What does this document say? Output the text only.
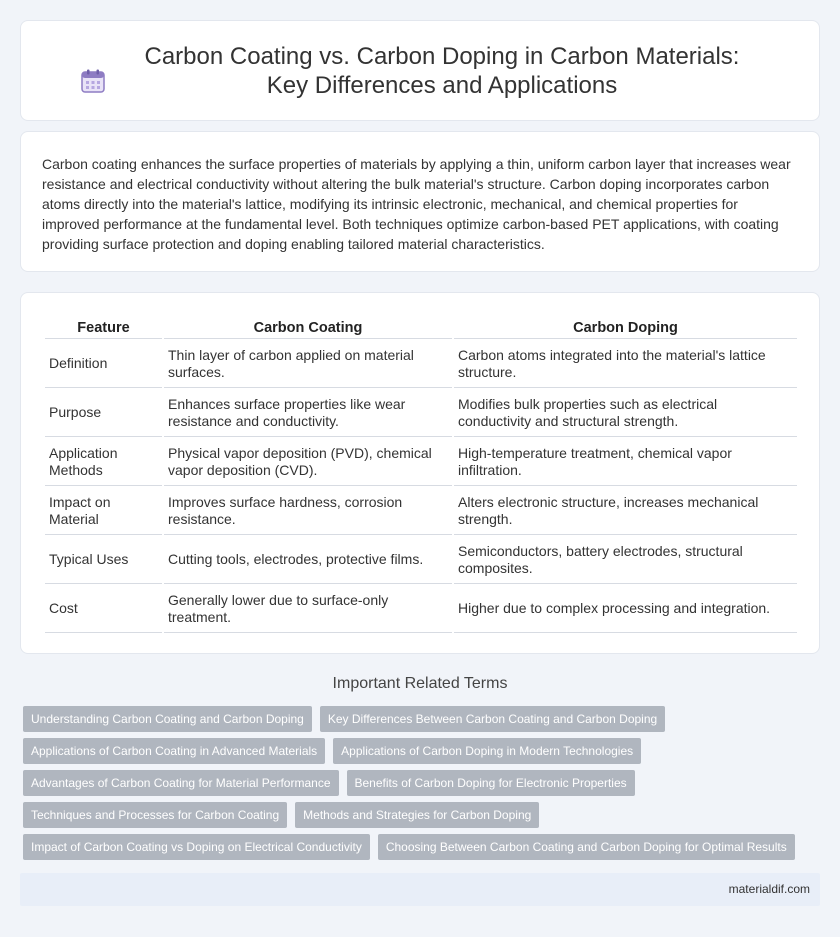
Carbon Coating vs. Carbon Doping in Carbon Materials: Key Differences and Applications

Carbon coating enhances the surface properties of materials by applying a thin, uniform carbon layer that increases wear resistance and electrical conductivity without altering the bulk material's structure. Carbon doping incorporates carbon atoms directly into the material's lattice, modifying its intrinsic electronic, mechanical, and chemical properties for improved performance at the fundamental level. Both techniques optimize carbon-based PET applications, with coating providing surface protection and doping enabling tailored material characteristics.

Feature	Carbon Coating	Carbon Doping
Definition	Thin layer of carbon applied on material surfaces.	Carbon atoms integrated into the material's lattice structure.
Purpose	Enhances surface properties like wear resistance and conductivity.	Modifies bulk properties such as electrical conductivity and structural strength.
Application Methods	Physical vapor deposition (PVD), chemical vapor deposition (CVD).	High-temperature treatment, chemical vapor infiltration.
Impact on Material	Improves surface hardness, corrosion resistance.	Alters electronic structure, increases mechanical strength.
Typical Uses	Cutting tools, electrodes, protective films.	Semiconductors, battery electrodes, structural composites.
Cost	Generally lower due to surface-only treatment.	Higher due to complex processing and integration.
Important Related Terms
Understanding Carbon Coating and Carbon Doping	Key Differences Between Carbon Coating and Carbon Doping
Applications of Carbon Coating in Advanced Materials	Applications of Carbon Doping in Modern Technologies
Advantages of Carbon Coating for Material Performance	Benefits of Carbon Doping for Electronic Properties
Techniques and Processes for Carbon Coating	Methods and Strategies for Carbon Doping
Impact of Carbon Coating vs Doping on Electrical Conductivity	Choosing Between Carbon Coating and Carbon Doping for Optimal Results
materialdif.com
